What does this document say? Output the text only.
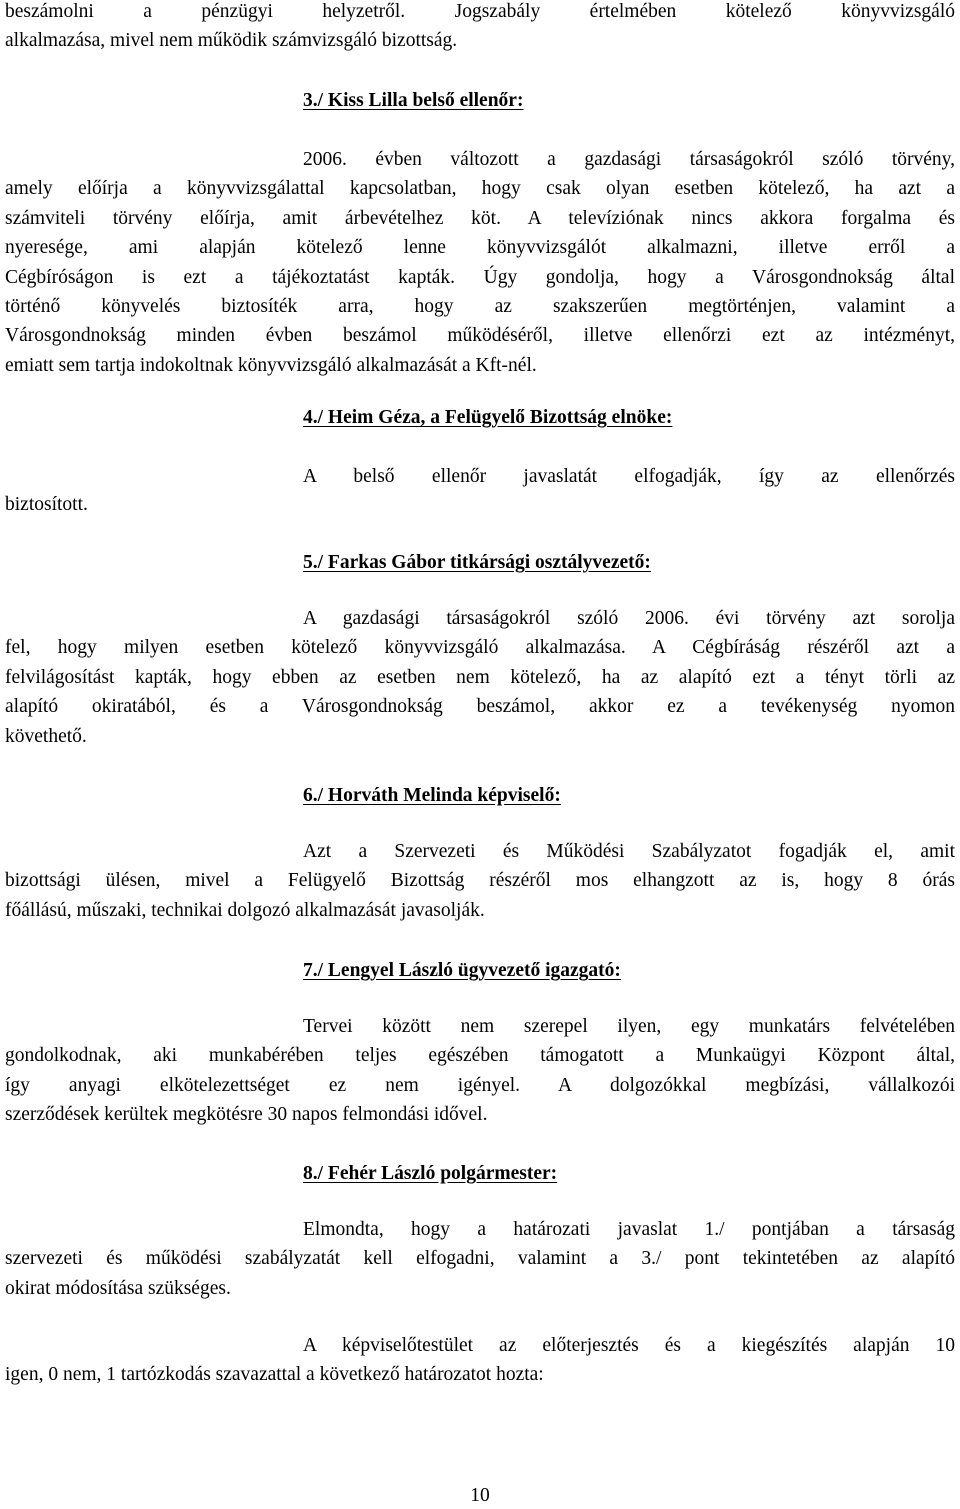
beszámolni a pénzügyi helyzetről. Jogszabály értelmében kötelező könyvvizsgáló
alkalmazása, mivel nem működik számvizsgáló bizottság.
3./ Kiss Lilla belső ellenőr:
2006. évben változott a gazdasági társaságokról szóló törvény,
amely előírja a könyvvizsgálattal kapcsolatban, hogy csak olyan esetben kötelező, ha azt a
számviteli törvény előírja, amit árbevételhez köt. A televíziónak nincs akkora forgalma és
nyeresége, ami alapján kötelező lenne könyvvizsgálót alkalmazni, illetve erről a
Cégbíróságon is ezt a tájékoztatást kapták. Úgy gondolja, hogy a Városgondnokság által
történő könyvelés biztosíték arra, hogy az szakszerűen megtörténjen, valamint a
Városgondnokság minden évben beszámol működéséről, illetve ellenőrzi ezt az intézményt,
emiatt sem tartja indokoltnak könyvvizsgáló alkalmazását a Kft-nél.
4./ Heim Géza, a Felügyelő Bizottság elnöke:
A belső ellenőr javaslatát elfogadják, így az ellenőrzés
biztosított.
5./ Farkas Gábor titkársági osztályvezető:
A gazdasági társaságokról szóló 2006. évi törvény azt sorolja
fel, hogy milyen esetben kötelező könyvvizsgáló alkalmazása. A Cégbíráság részéről azt a
felvilágosítást kapták, hogy ebben az esetben nem kötelező, ha az alapító ezt a tényt törli az
alapító okiratából, és a Városgondnokság beszámol, akkor ez a tevékenység nyomon
követhető.
6./ Horváth Melinda képviselő:
Azt a Szervezeti és Működési Szabályzatot fogadják el, amit
bizottsági ülésen, mivel a Felügyelő Bizottság részéről mos elhangzott az is, hogy 8 órás
főállású, műszaki, technikai dolgozó alkalmazását javasolják.
7./ Lengyel László ügyvezető igazgató:
Tervei között nem szerepel ilyen, egy munkatárs felvételében
gondolkodnak, aki munkabérében teljes egészében támogatott a Munkaügyi Központ által,
így anyagi elkötelezettséget ez nem igényel. A dolgozókkal megbízási, vállalkozói
szerződések kerültek megkötésre 30 napos felmondási idővel.
8./ Fehér László polgármester:
Elmondta, hogy a határozati javaslat 1./ pontjában a társaság
szervezeti és működési szabályzatát kell elfogadni, valamint a 3./ pont tekintetében az alapító
okirat módosítása szükséges.
A képviselőtestület az előterjesztés és a kiegészítés alapján 10
igen, 0 nem, 1 tartózkodás szavazattal a következő határozatot hozta:
10
